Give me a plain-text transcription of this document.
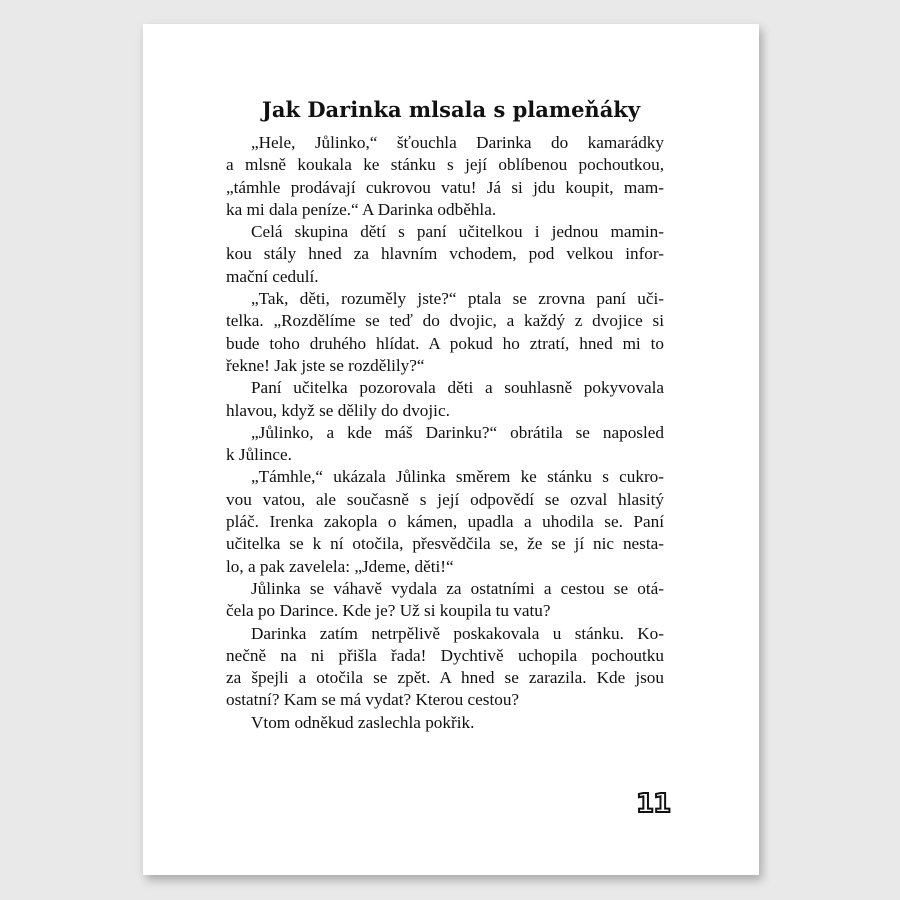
Jak Darinka mlsala s plameňáky
„Hele, Jůlinko,“ šťouchla Darinka do kamarádky
a mlsně koukala ke stánku s její oblíbenou pochoutkou,
„támhle prodávají cukrovou vatu! Já si jdu koupit, mam-
ka mi dala peníze.“ A Darinka odběhla.
Celá skupina dětí s paní učitelkou i jednou mamin-
kou stály hned za hlavním vchodem, pod velkou infor-
mační cedulí.
„Tak, děti, rozuměly jste?“ ptala se zrovna paní uči-
telka. „Rozdělíme se teď do dvojic, a každý z dvojice si
bude toho druhého hlídat. A pokud ho ztratí, hned mi to
řekne! Jak jste se rozdělily?“
Paní učitelka pozorovala děti a souhlasně pokyvovala
hlavou, když se dělily do dvojic.
„Jůlinko, a kde máš Darinku?“ obrátila se naposled
k Jůlince.
„Támhle,“ ukázala Jůlinka směrem ke stánku s cukro-
vou vatou, ale současně s její odpovědí se ozval hlasitý
pláč. Irenka zakopla o kámen, upadla a uhodila se. Paní
učitelka se k ní otočila, přesvědčila se, že se jí nic nesta-
lo, a pak zavelela: „Jdeme, děti!“
Jůlinka se váhavě vydala za ostatními a cestou se otá-
čela po Darince. Kde je? Už si koupila tu vatu?
Darinka zatím netrpělivě poskakovala u stánku. Ko-
nečně na ni přišla řada! Dychtivě uchopila pochoutku
za špejli a otočila se zpět. A hned se zarazila. Kde jsou
ostatní? Kam se má vydat? Kterou cestou?
Vtom odněkud zaslechla pokřik.
11
